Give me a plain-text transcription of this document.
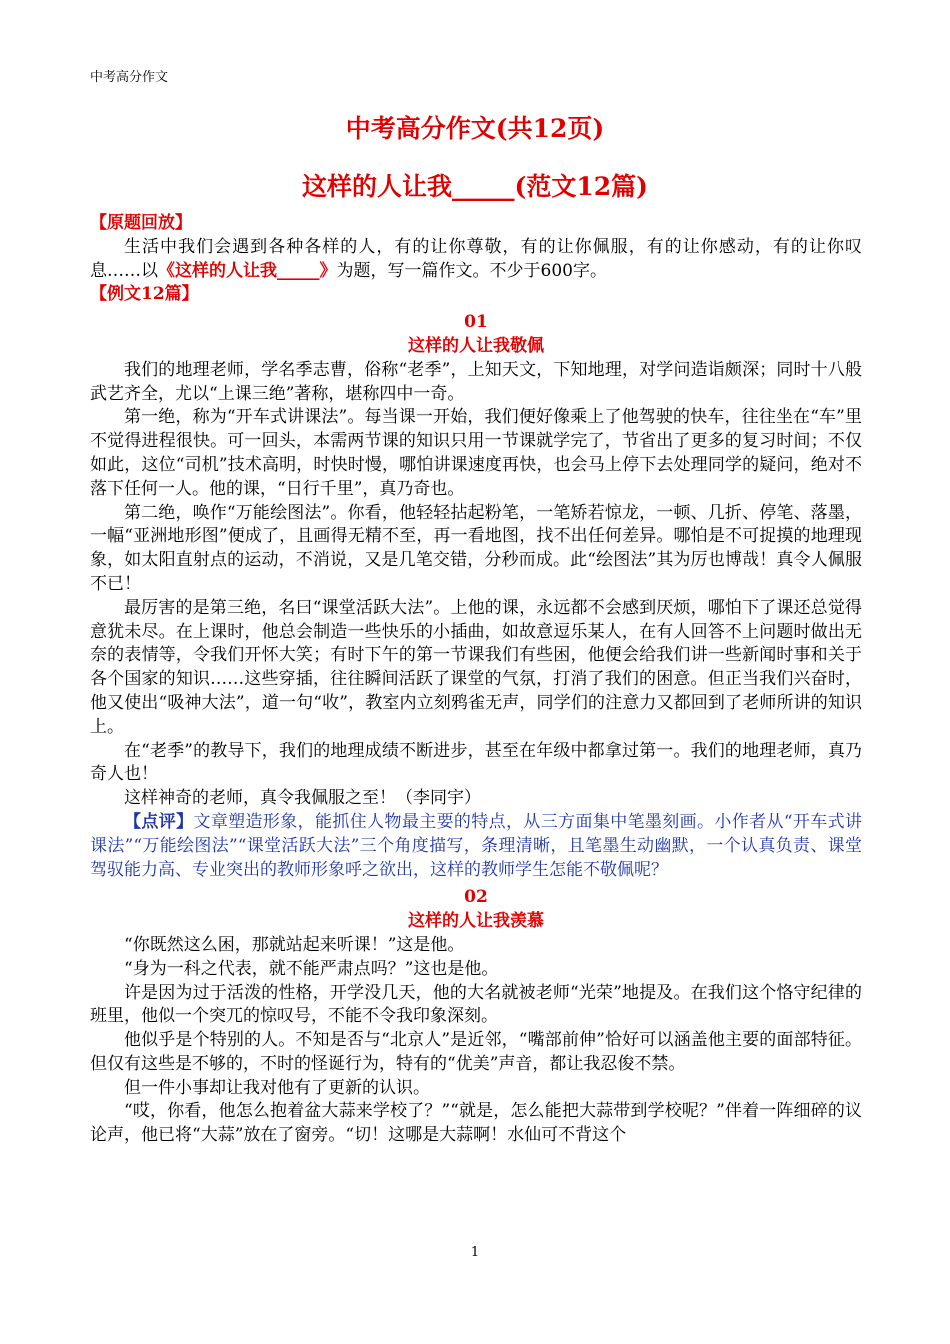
中考高分作文
中考高分作文(共12页)
这样的人让我_____(范文12篇)
【原题回放】
生活中我们会遇到各种各样的人，有的让你尊敬，有的让你佩服，有的让你感动，有的让你叹息……以《这样的人让我_____》为题，写一篇作文。不少于600字。
【例文12篇】
01
这样的人让我敬佩
我们的地理老师，学名季志曹，俗称“老季”，上知天文，下知地理，对学问造诣颇深；同时十八般武艺齐全，尤以“上课三绝”著称，堪称四中一奇。
第一绝，称为“开车式讲课法”。每当课一开始，我们便好像乘上了他驾驶的快车，往往坐在“车”里不觉得进程很快。可一回头，本需两节课的知识只用一节课就学完了，节省出了更多的复习时间；不仅如此，这位“司机”技术高明，时快时慢，哪怕讲课速度再快，也会马上停下去处理同学的疑问，绝对不落下任何一人。他的课，“日行千里”，真乃奇也。
第二绝，唤作“万能绘图法”。你看，他轻轻拈起粉笔，一笔矫若惊龙，一顿、几折、停笔、落墨，一幅“亚洲地形图”便成了，且画得无精不至，再一看地图，找不出任何差异。哪怕是不可捉摸的地理现象，如太阳直射点的运动，不消说，又是几笔交错，分秒而成。此“绘图法”其为厉也博哉！真令人佩服不已！
最厉害的是第三绝，名曰“课堂活跃大法”。上他的课，永远都不会感到厌烦，哪怕下了课还总觉得意犹未尽。在上课时，他总会制造一些快乐的小插曲，如故意逗乐某人，在有人回答不上问题时做出无奈的表情等，令我们开怀大笑；有时下午的第一节课我们有些困，他便会给我们讲一些新闻时事和关于各个国家的知识……这些穿插，往往瞬间活跃了课堂的气氛，打消了我们的困意。但正当我们兴奋时，他又使出“吸神大法”，道一句“收”，教室内立刻鸦雀无声，同学们的注意力又都回到了老师所讲的知识上。
在“老季”的教导下，我们的地理成绩不断进步，甚至在年级中都拿过第一。我们的地理老师，真乃奇人也！
这样神奇的老师，真令我佩服之至！（李同宇）
【点评】文章塑造形象，能抓住人物最主要的特点，从三方面集中笔墨刻画。小作者从“开车式讲课法”“万能绘图法”“课堂活跃大法”三个角度描写，条理清晰，且笔墨生动幽默，一个认真负责、课堂驾驭能力高、专业突出的教师形象呼之欲出，这样的教师学生怎能不敬佩呢？
02
这样的人让我羡慕
“你既然这么困，那就站起来听课！”这是他。
“身为一科之代表，就不能严肃点吗？”这也是他。
许是因为过于活泼的性格，开学没几天，他的大名就被老师“光荣”地提及。在我们这个恪守纪律的班里，他似一个突兀的惊叹号，不能不令我印象深刻。
他似乎是个特别的人。不知是否与“北京人”是近邻，“嘴部前伸”恰好可以涵盖他主要的面部特征。但仅有这些是不够的，不时的怪诞行为，特有的“优美”声音，都让我忍俊不禁。
但一件小事却让我对他有了更新的认识。
“哎，你看，他怎么抱着盆大蒜来学校了？”“就是，怎么能把大蒜带到学校呢？”伴着一阵细碎的议论声，他已将“大蒜”放在了窗旁。“切！这哪是大蒜啊！水仙可不背这个
1
